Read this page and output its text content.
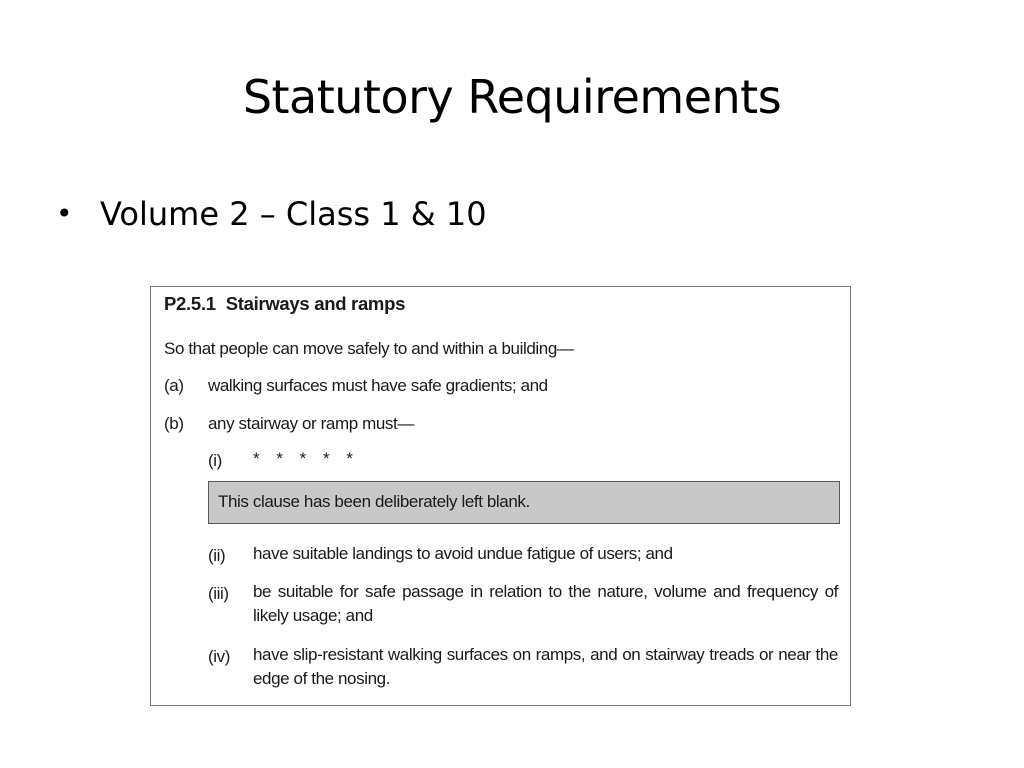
Statutory Requirements
• Volume 2 – Class 1 & 10
P2.5.1 Stairways and ramps
So that people can move safely to and within a building—
(a) walking surfaces must have safe gradients; and
(b) any stairway or ramp must—
(i) * * * * *
This clause has been deliberately left blank.
(ii) have suitable landings to avoid undue fatigue of users; and
(iii) be suitable for safe passage in relation to the nature, volume and frequency of likely usage; and
(iv) have slip-resistant walking surfaces on ramps, and on stairway treads or near the edge of the nosing.
